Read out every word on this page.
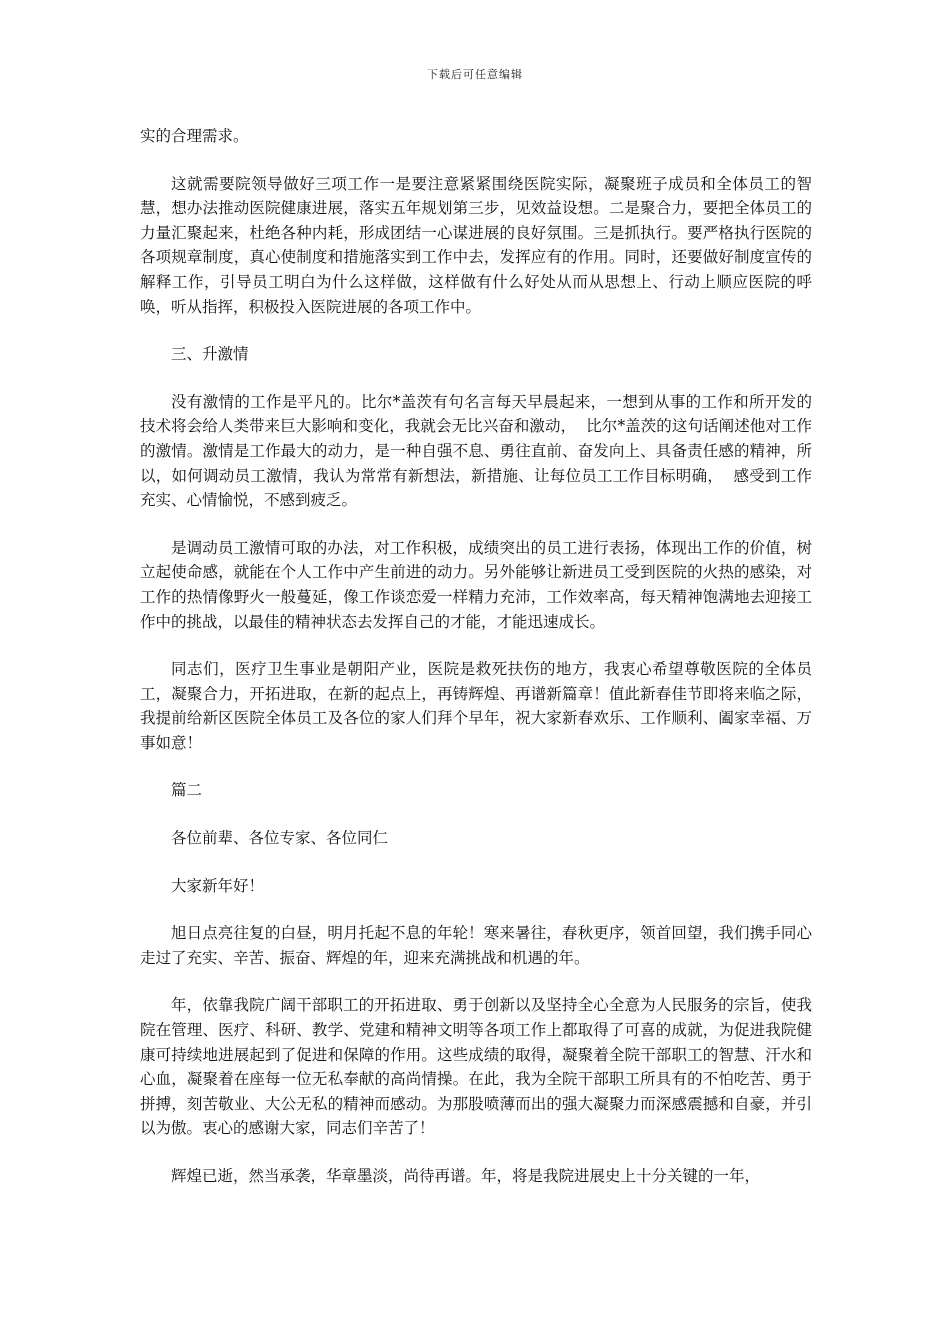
下载后可任意编辑

实的合理需求。

这就需要院领导做好三项工作一是要注意紧紧围绕医院实际，凝聚班子成员和全体员工的智慧，想办法推动医院健康进展，落实五年规划第三步，见效益设想。二是聚合力，要把全体员工的力量汇聚起来，杜绝各种内耗，形成团结一心谋进展的良好氛围。三是抓执行。要严格执行医院的各项规章制度，真心使制度和措施落实到工作中去，发挥应有的作用。同时，还要做好制度宣传的解释工作，引导员工明白为什么这样做，这样做有什么好处从而从思想上、行动上顺应医院的呼唤，听从指挥，积极投入医院进展的各项工作中。

三、升激情

没有激情的工作是平凡的。比尔*盖茨有句名言每天早晨起来，一想到从事的工作和所开发的技术将会给人类带来巨大影响和变化，我就会无比兴奋和激动，  比尔*盖茨的这句话阐述他对工作的激情。激情是工作最大的动力，是一种自强不息、勇往直前、奋发向上、具备责任感的精神，所以，如何调动员工激情，我认为常常有新想法，新措施、让每位员工工作目标明确，  感受到工作充实、心情愉悦，不感到疲乏。

是调动员工激情可取的办法，对工作积极，成绩突出的员工进行表扬，体现出工作的价值，树立起使命感，就能在个人工作中产生前进的动力。另外能够让新进员工受到医院的火热的感染，对工作的热情像野火一般蔓延，像工作谈恋爱一样精力充沛，工作效率高，每天精神饱满地去迎接工作中的挑战，以最佳的精神状态去发挥自己的才能，才能迅速成长。

同志们，医疗卫生事业是朝阳产业，医院是救死扶伤的地方，我衷心希望尊敬医院的全体员工，凝聚合力，开拓进取，在新的起点上，再铸辉煌、再谱新篇章！值此新春佳节即将来临之际，我提前给新区医院全体员工及各位的家人们拜个早年，祝大家新春欢乐、工作顺利、阖家幸福、万事如意！

篇二

各位前辈、各位专家、各位同仁

大家新年好！

旭日点亮往复的白昼，明月托起不息的年轮！寒来暑往，春秋更序，领首回望，我们携手同心走过了充实、辛苦、振奋、辉煌的年，迎来充满挑战和机遇的年。

年，依靠我院广阔干部职工的开拓进取、勇于创新以及坚持全心全意为人民服务的宗旨，使我院在管理、医疗、科研、教学、党建和精神文明等各项工作上都取得了可喜的成就，为促进我院健康可持续地进展起到了促进和保障的作用。这些成绩的取得，凝聚着全院干部职工的智慧、汗水和心血，凝聚着在座每一位无私奉献的高尚情操。在此，我为全院干部职工所具有的不怕吃苦、勇于拼搏，刻苦敬业、大公无私的精神而感动。为那股喷薄而出的强大凝聚力而深感震撼和自豪，并引以为傲。衷心的感谢大家，同志们辛苦了！

辉煌已逝，然当承袭，华章墨淡，尚待再谱。年，将是我院进展史上十分关键的一年，
